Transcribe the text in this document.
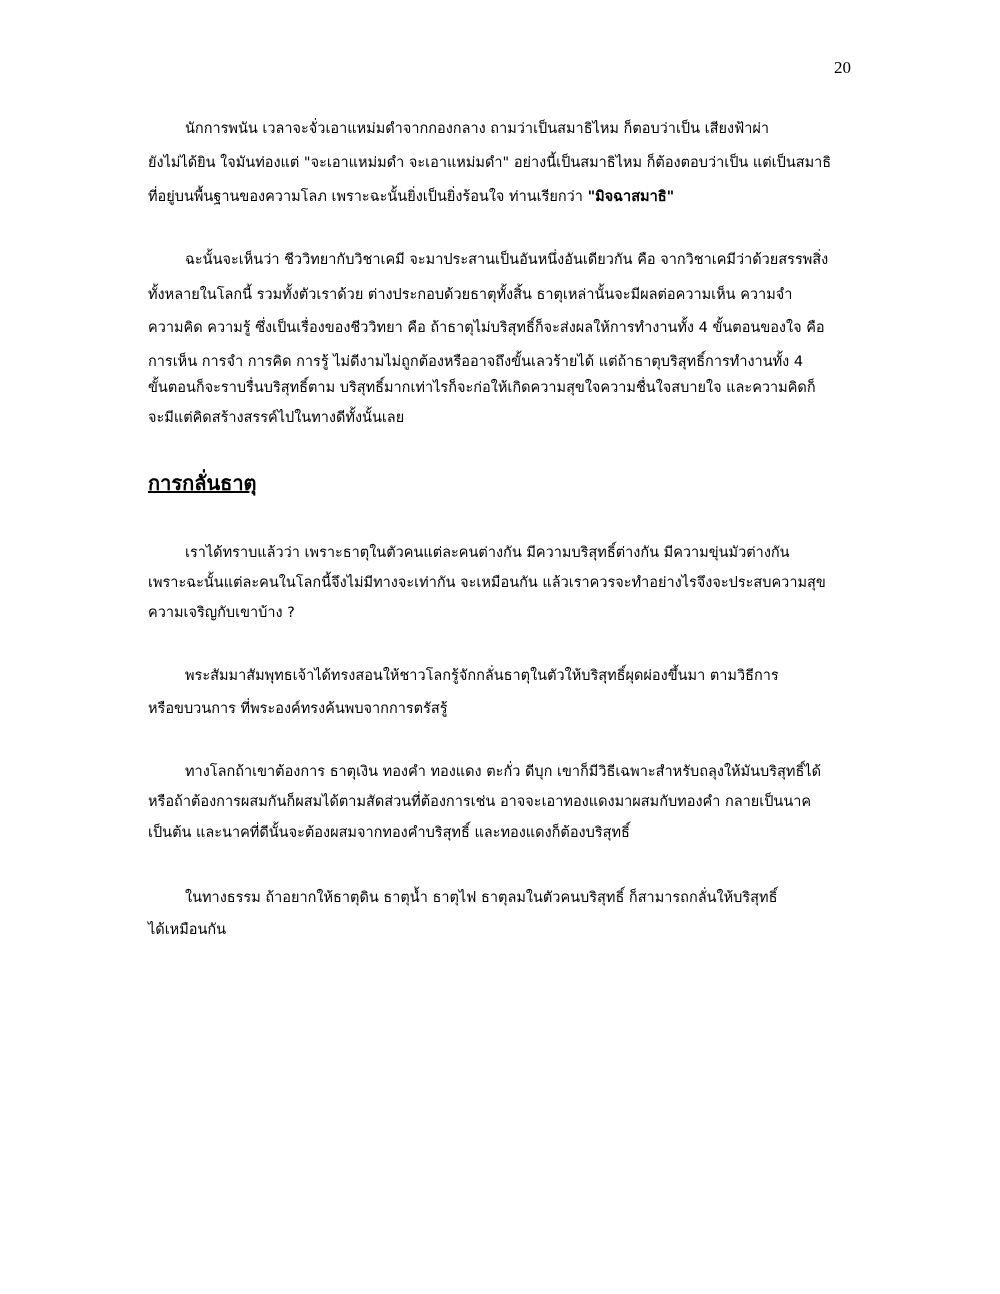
20
นักการพนัน เวลาจะจั่วเอาแหม่มดำจากกองกลาง ถามว่าเป็นสมาธิไหม ก็ตอบว่าเป็น เสียงฟ้าผ่า
ยังไม่ได้ยิน ใจมันท่องแต่ "จะเอาแหม่มดำ จะเอาแหม่มดำ" อย่างนี้เป็นสมาธิไหม ก็ต้องตอบว่าเป็น แต่เป็นสมาธิ
ที่อยู่บนพื้นฐานของความโลภ เพราะฉะนั้นยิ่งเป็นยิ่งร้อนใจ ท่านเรียกว่า "มิจฉาสมาธิ"
ฉะนั้นจะเห็นว่า ชีววิทยากับวิชาเคมี จะมาประสานเป็นอันหนึ่งอันเดียวกัน คือ จากวิชาเคมีว่าด้วยสรรพสิ่ง
ทั้งหลายในโลกนี้ รวมทั้งตัวเราด้วย ต่างประกอบด้วยธาตุทั้งสิ้น ธาตุเหล่านั้นจะมีผลต่อความเห็น ความจำ
ความคิด ความรู้ ซึ่งเป็นเรื่องของชีววิทยา คือ ถ้าธาตุไม่บริสุทธิ์ก็จะส่งผลให้การทำงานทั้ง 4 ขั้นตอนของใจ คือ
การเห็น การจำ การคิด การรู้ ไม่ดีงามไม่ถูกต้องหรืออาจถึงขั้นเลวร้ายได้ แต่ถ้าธาตุบริสุทธิ์การทำงานทั้ง 4
ขั้นตอนก็จะราบรื่นบริสุทธิ์ตาม บริสุทธิ์มากเท่าไรก็จะก่อให้เกิดความสุขใจความชื่นใจสบายใจ และความคิดก็
จะมีแต่คิดสร้างสรรค์ไปในทางดีทั้งนั้นเลย
การกลั่นธาตุ
เราได้ทราบแล้วว่า เพราะธาตุในตัวคนแต่ละคนต่างกัน มีความบริสุทธิ์ต่างกัน มีความขุ่นมัวต่างกัน
เพราะฉะนั้นแต่ละคนในโลกนี้จึงไม่มีทางจะเท่ากัน จะเหมือนกัน แล้วเราควรจะทำอย่างไรจึงจะประสบความสุข
ความเจริญกับเขาบ้าง ?
พระสัมมาสัมพุทธเจ้าได้ทรงสอนให้ชาวโลกรู้จักกลั่นธาตุในตัวให้บริสุทธิ์ผุดผ่องขึ้นมา ตามวิธีการ
หรือขบวนการ ที่พระองค์ทรงค้นพบจากการตรัสรู้
ทางโลกถ้าเขาต้องการ ธาตุเงิน ทองคำ ทองแดง ตะกั่ว ดีบุก เขาก็มีวิธีเฉพาะสำหรับถลุงให้มันบริสุทธิ์ได้
หรือถ้าต้องการผสมกันก็ผสมได้ตามสัดส่วนที่ต้องการเช่น อาจจะเอาทองแดงมาผสมกับทองคำ กลายเป็นนาค
เป็นต้น และนาคที่ดีนั้นจะต้องผสมจากทองคำบริสุทธิ์ และทองแดงก็ต้องบริสุทธิ์
ในทางธรรม ถ้าอยากให้ธาตุดิน ธาตุน้ำ ธาตุไฟ ธาตุลมในตัวคนบริสุทธิ์ ก็สามารถกลั่นให้บริสุทธิ์
ได้เหมือนกัน
